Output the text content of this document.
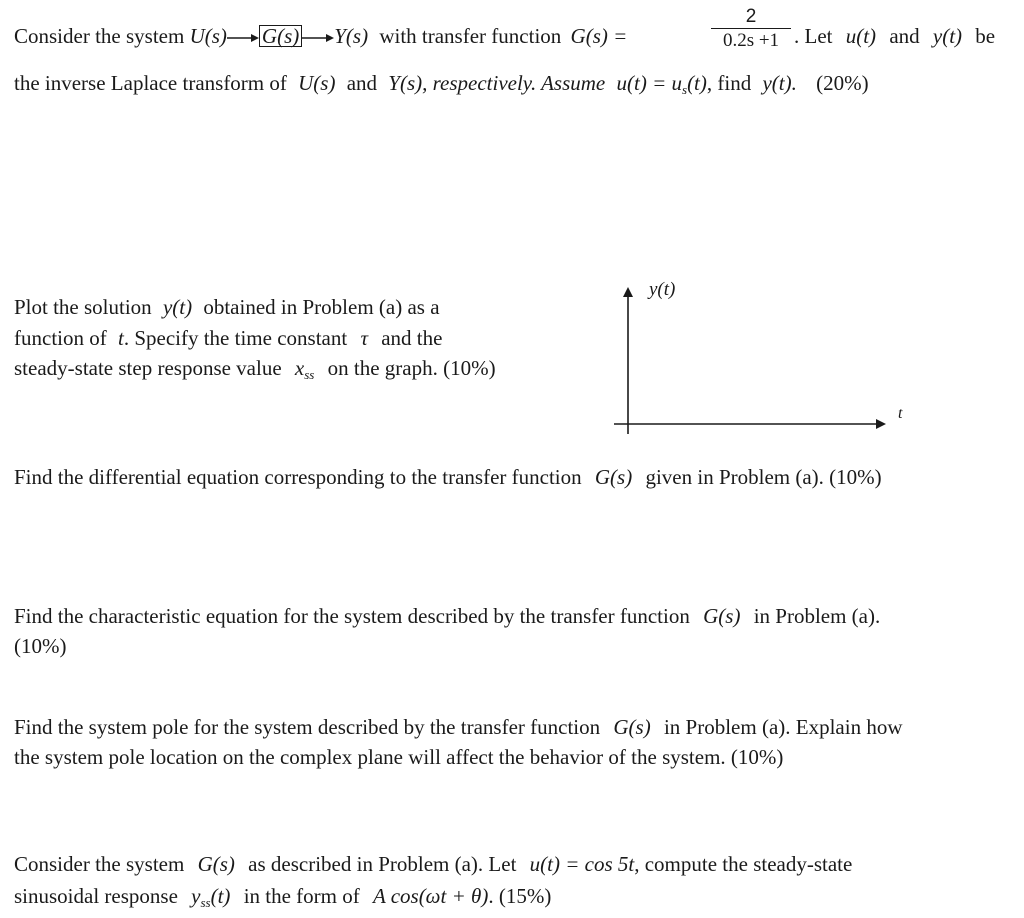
Consider the system U(s) G(s) Y(s) with transfer function G(s) =
2
0.2s +1 . Let u(t) and y(t) be
the inverse Laplace transform of U(s) and Y(s), respectively. Assume $u(t) = u_s(t)$, find y(t). (20%)
Plot the solution y(t) obtained in Problem (a) as a
function of t. Specify the time constant τ and the
steady-state step response value $x_{ss}$ on the graph. (10%)
y(t)
t
Find the differential equation corresponding to the transfer function G(s) given in Problem (a). (10%)
Find the characteristic equation for the system described by the transfer function G(s) in Problem (a).
(10%)
Find the system pole for the system described by the transfer function G(s) in Problem (a). Explain how
the system pole location on the complex plane will affect the behavior of the system. (10%)
Consider the system G(s) as described in Problem (a). Let u(t) = cos 5t, compute the steady-state
sinusoidal response $y_{ss}(t)$ in the form of A cos(ωt + θ). (15%)
